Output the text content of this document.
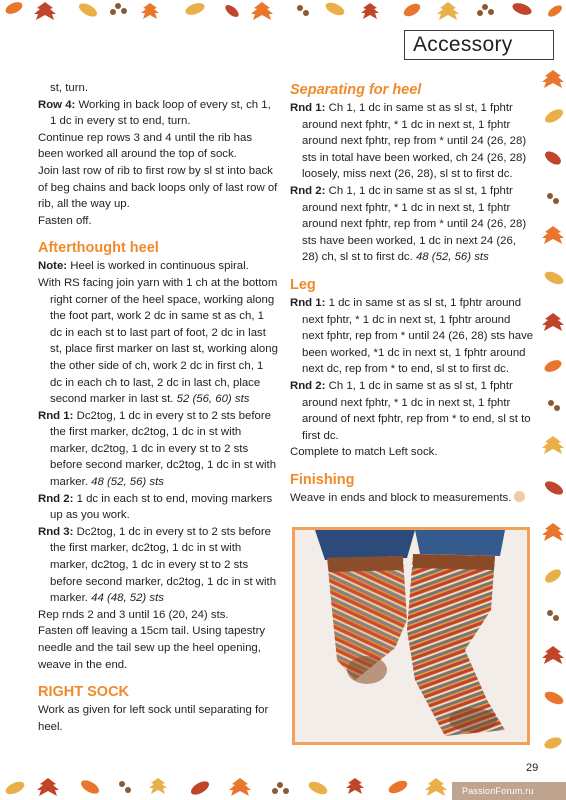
Accessory

st, turn.

Row 4: Working in back loop of every st, ch 1, 1 dc in every st to end, turn.

Continue rep rows 3 and 4 until the rib has been worked all around the top of sock.

Join last row of rib to first row by sl st into back of beg chains and back loops only of last row of rib, all the way up.

Fasten off.

Afterthought heel

Note: Heel is worked in continuous spiral.

With RS facing join yarn with 1 ch at the bottom right corner of the heel space, working along the foot part, work 2 dc in same st as ch, 1 dc in each st to last part of foot, 2 dc in last st, place first marker on last st, working along the other side of ch, work 2 dc in first ch, 1 dc in each ch to last, 2 dc in last ch, place second marker in last st. 52 (56, 60) sts

Rnd 1: Dc2tog, 1 dc in every st to 2 sts before the first marker, dc2tog, 1 dc in st with marker, dc2tog, 1 dc in every st to 2 sts before second marker, dc2tog, 1 dc in st with marker. 48 (52, 56) sts

Rnd 2: 1 dc in each st to end, moving markers up as you work.

Rnd 3: Dc2tog, 1 dc in every st to 2 sts before the first marker, dc2tog, 1 dc in st with marker, dc2tog, 1 dc in every st to 2 sts before second marker, dc2tog, 1 dc in st with marker. 44 (48, 52) sts

Rep rnds 2 and 3 until 16 (20, 24) sts.

Fasten off leaving a 15cm tail. Using tapestry needle and the tail sew up the heel opening, weave in the end.

RIGHT SOCK

Work as given for left sock until separating for heel.

Separating for heel

Rnd 1: Ch 1, 1 dc in same st as sl st, 1 fphtr around next fphtr, * 1 dc in next st, 1 fphtr around next fphtr, rep from * until 24 (26, 28) sts in total have been worked, ch 24 (26, 28) loosely, miss next (26, 28), sl st to first dc.

Rnd 2: Ch 1, 1 dc in same st as sl st, 1 fphtr around next fphtr, * 1 dc in next st, 1 fphtr around next fphtr, rep from * until 24 (26, 28) sts have been worked, 1 dc in next 24 (26, 28) ch, sl st to first dc. 48 (52, 56) sts

Leg

Rnd 1: 1 dc in same st as sl st, 1 fphtr around next fphtr, * 1 dc in next st, 1 fphtr around next fphtr, rep from * until 24 (26, 28) sts have been worked, *1 dc in next st, 1 fphtr around next dc, rep from * to end, sl st to first dc.

Rnd 2: Ch 1, 1 dc in same st as sl st, 1 fphtr around next fphtr, * 1 dc in next st, 1 fphtr around of next fphtr, rep from * to end, sl st to first dc.

Complete to match Left sock.

Finishing

Weave in ends and block to measurements.

29
PassionForum.ru
